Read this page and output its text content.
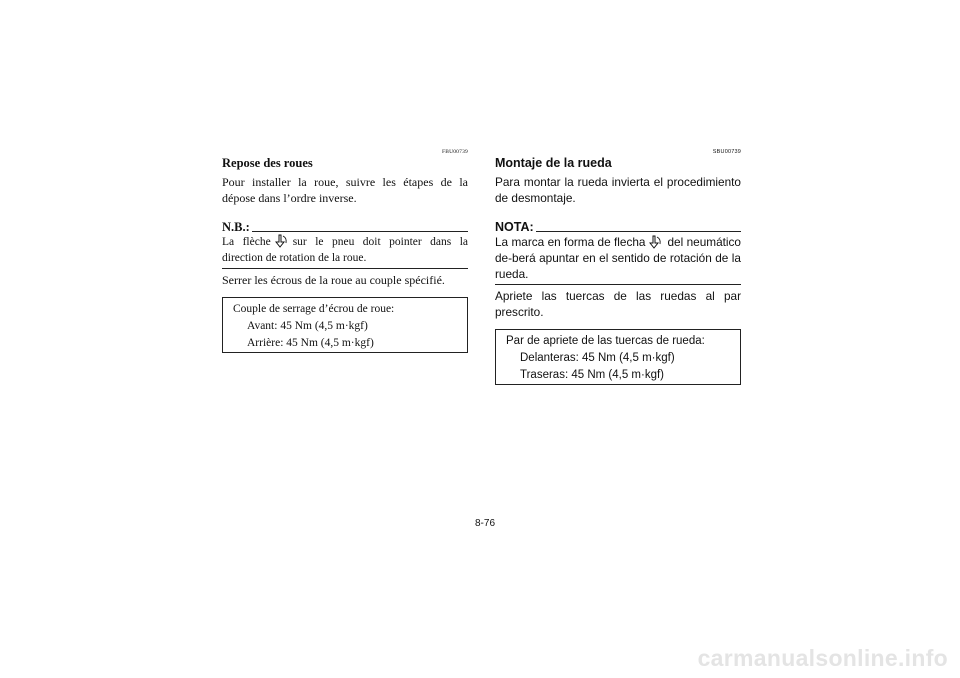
FBU00739
Repose des roues
Pour installer la roue, suivre les étapes de la dépose dans l’ordre inverse.
N.B.:
La flèche sur le pneu doit pointer dans la direction de rotation de la roue.
Serrer les écrous de la roue au couple spécifié.
Couple de serrage d’écrou de roue:
Avant: 45 Nm (4,5 m·kgf)
Arrière: 45 Nm (4,5 m·kgf)
SBU00739
Montaje de la rueda
Para montar la rueda invierta el procedimiento de desmontaje.
NOTA:
La marca en forma de flecha del neumático de-berá apuntar en el sentido de rotación de la rueda.
Apriete las tuercas de las ruedas al par prescrito.
Par de apriete de las tuercas de rueda:
Delanteras: 45 Nm (4,5 m·kgf)
Traseras: 45 Nm (4,5 m·kgf)
8-76
carmanualsonline.info
